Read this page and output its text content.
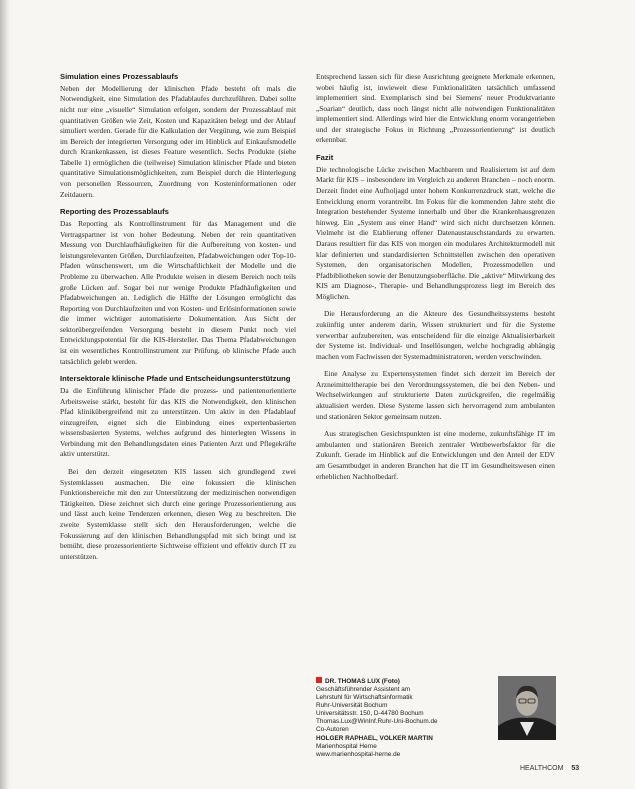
Simulation eines Prozessablaufs

Neben der Modellierung der klinischen Pfade besteht oft mals die Notwendigkeit, eine Simulation des Pfadablaufes durchzuführen. Dabei sollte nicht nur eine „visuelle“ Simulation erfolgen, sondern der Prozessablauf mit quantitativen Größen wie Zeit, Kosten und Kapazitäten belegt und der Ablauf simuliert werden. Gerade für die Kalkulation der Vergütung, wie zum Beispiel im Bereich der integrierten Versorgung oder im Hinblick auf Einkaufsmodelle durch Krankenkassen, ist dieses Feature wesentlich. Sechs Produkte (siehe Tabelle 1) ermöglichen die (teilweise) Simulation klinischer Pfade und bieten quantitative Simulationsmöglichkeiten, zum Beispiel durch die Hinterlegung von personellen Ressourcen, Zuordnung von Kosteninformationen oder Zeitdauern.

Reporting des Prozessablaufs

Das Reporting als Kontrollinstrument für das Management und die Vertragspartner ist von hoher Bedeutung. Neben der rein quantitativen Messung von Durchlaufhäufigkeiten für die Aufbereitung von kosten- und leistungsrelevanten Größen, Durchlaufzeiten, Pfadabweichungen oder Top-10-Pfaden wünschenswert, um die Wirtschaftlichkeit der Modelle und die Probleme zu überwachen. Alle Produkte weisen in diesem Bereich noch teils große Lücken auf. Sogar bei nur wenige Produkte Pfadhäufigkeiten und Pfadabweichungen an. Lediglich die Hälfte der Lösungen ermöglicht das Reporting von Durchlaufzeiten und von Kosten- und Erlösinformationen sowie die immer wichtiger automatisierte Dokumentation. Aus Sicht der sektorübergreifenden Versorgung besteht in diesem Punkt noch viel Entwicklungspotential für die KIS-Hersteller. Das Thema Pfadabweichungen ist ein wesentliches Kontrollinstrument zur Prüfung, ob klinische Pfade auch tatsächlich gelebt werden.

Intersektorale klinische Pfade und Entscheidungsunterstützung

Da die Einführung klinischer Pfade die prozess- und patientenorientierte Arbeitsweise stärkt, besteht für das KIS die Notwendigkeit, den klinischen Pfad klinikübergreifend mit zu unterstützen. Um aktiv in den Pfadablauf einzugreifen, eignet sich die Einbindung eines expertenbasierten wissensbasierten Systems, welches aufgrund des hinterlegten Wissens in Verbindung mit den Behandlungsdaten eines Patienten Arzt und Pflegekräfte aktiv unterstützt.

Bei den derzeit eingesetzten KIS lassen sich grundlegend zwei Systemklassen ausmachen. Die eine fokussiert die klinischen Funktionsbereiche mit den zur Unterstützung der medizinischen notwendigen Tätigkeiten. Diese zeichnet sich durch eine geringe Prozessorientierung aus und lässt auch keine Tendenzen erkennen, diesen Weg zu beschreiten. Die zweite Systemklasse stellt sich den Herausforderungen, welche die Fokussierung auf den klinischen Behandlungspfad mit sich bringt und ist bemüht, diese prozessorientierte Sichtweise effizient und effektiv durch IT zu unterstützen.

Entsprechend lassen sich für diese Ausrichtung geeignete Merkmale erkennen, wobei häufig ist, inwieweit diese Funktionalitäten tatsächlich umfassend implementiert sind. Exemplarisch sind bei Siemens' neuer Produktvariante „Soarian“ deutlich, dass noch längst nicht alle notwendigen Funktionalitäten implementiert sind. Allerdings wird hier die Entwicklung enorm vorangetrieben und der strategische Fokus in Richtung „Prozessorientierung“ ist deutlich erkennbar.

Fazit

Die technologische Lücke zwischen Machbarem und Realisiertem ist auf dem Markt für KIS – insbesondere im Vergleich zu anderen Branchen – noch enorm. Derzeit findet eine Aufholjagd unter hohem Konkurrenzdruck statt, welche die Entwicklung enorm vorantreibt. Im Fokus für die kommenden Jahre steht die Integration bestehender Systeme innerhalb und über die Krankenhausgrenzen hinweg. Ein „System aus einer Hand“ wird sich nicht durchsetzen können. Vielmehr ist die Etablierung offener Datenaustauschstandards zu erwarten. Daraus resultiert für das KIS von morgen ein modulares Architekturmodell mit klar definierten und standardisierten Schnittstellen zwischen den operativen Systemen, den organisatorischen Modellen, Prozessmodellen und Pfadbibliotheken sowie der Benutzungsoberfläche. Die „aktive“ Mitwirkung des KIS am Diagnose-, Therapie- und Behandlungsprozess liegt im Bereich des Möglichen.

Die Herausforderung an die Akteure des Gesundheitssystems besteht zukünftig unter anderem darin, Wissen strukturiert und für die Systeme verwertbar aufzubereiten, was entscheidend für die einzige Aktualisierbarkeit der Systeme ist. Individual- und Insellösungen, welche hochgradig abhängig machen vom Fachwissen der Systemadministratoren, werden verschwinden.

Eine Analyse zu Expertensystemen findet sich derzeit im Bereich der Arzneimitteltherapie bei den Verordnungssystemen, die bei den Neben- und Wechselwirkungen auf strukturierte Daten zurückgreifen, die regelmäßig aktualisiert werden. Diese Systeme lassen sich hervorragend zum ambulanten und stationären Sektor gemeinsam nutzen.

Aus strategischen Gesichtspunkten ist eine moderne, zukunftsfähige IT im ambulanten und stationären Bereich zentraler Wettbewerbsfaktor für die Zukunft. Gerade im Hinblick auf die Entwicklungen und den Anteil der EDV am Gesamtbudget in anderen Branchen hat die IT im Gesundheitswesen einen erheblichen Nachholbedarf.

DR. THOMAS LUX (Foto)
Geschäftsführender Assistent am
Lehrstuhl für Wirtschaftsinformatik
Ruhr-Universität Bochum
Universitätsstr. 150, D-44780 Bochum
Thomas.Lux@WinInf.Ruhr-Uni-Bochum.de
Co-Autoren
HOLGER RAPHAEL, VOLKER MARTIN
Marienhospital Herne
www.marienhospital-herne.de
HEALTHCOM 53
